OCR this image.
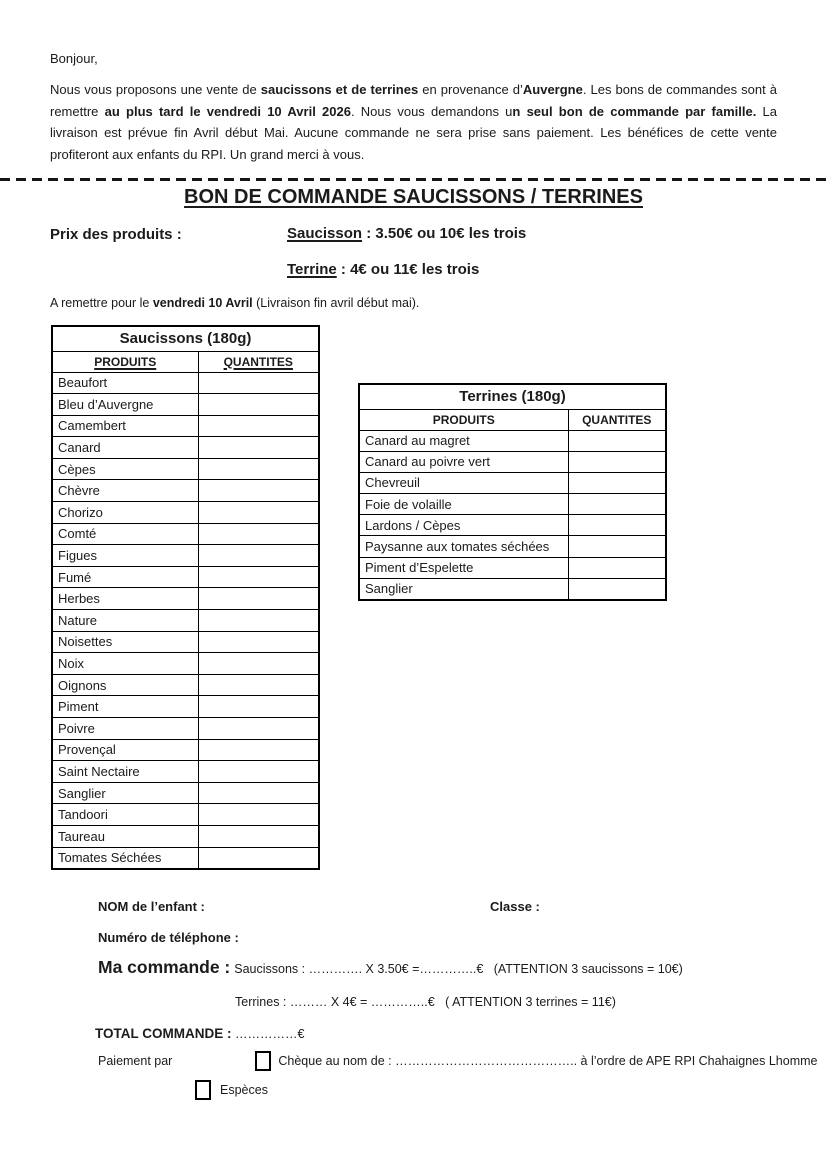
Bonjour,

Nous vous proposons une vente de saucissons et de terrines en provenance d’Auvergne. Les bons de commandes sont à remettre au plus tard le vendredi 10 Avril 2026. Nous vous demandons un seul bon de commande par famille. La livraison est prévue fin Avril début Mai. Aucune commande ne sera prise sans paiement. Les bénéfices de cette vente profiteront aux enfants du RPI. Un grand merci à vous.

BON DE COMMANDE SAUCISSONS / TERRINES

Prix des produits :	Saucisson : 3.50€ ou 10€ les trois

Terrine : 4€ ou 11€ les trois

A remettre pour le vendredi 10 Avril (Livraison fin avril début mai).

Saucissons (180g)	
PRODUITS	QUANTITES
Beaufort	
Bleu d’Auvergne	
Camembert	
Canard	
Cèpes	
Chèvre	
Chorizo	
Comté	
Figues	
Fumé	
Herbes	
Nature	
Noisettes	
Noix	
Oignons	
Piment	
Poivre	
Provençal	
Saint Nectaire	
Sanglier	
Tandoori	
Taureau	
Tomates Séchées	
Terrines (180g)	
PRODUITS	QUANTITES
Canard au magret	
Canard au poivre vert	
Chevreuil	
Foie de volaille	
Lardons / Cèpes	
Paysanne aux tomates séchées	
Piment d’Espelette	
Sanglier	

NOM de l’enfant :	Classe :

Numéro de téléphone :

Ma commande : Saucissons : …………. X 3.50€ =…………..€   (ATTENTION 3 saucissons = 10€)

Terrines : ……… X 4€ = …………..€   ( ATTENTION 3 terrines = 11€)

TOTAL COMMANDE : ……………€

Paiement par	Chèque au nom de : …………………………………….. à l’ordre de APE RPI Chahaignes Lhomme
Espèces
